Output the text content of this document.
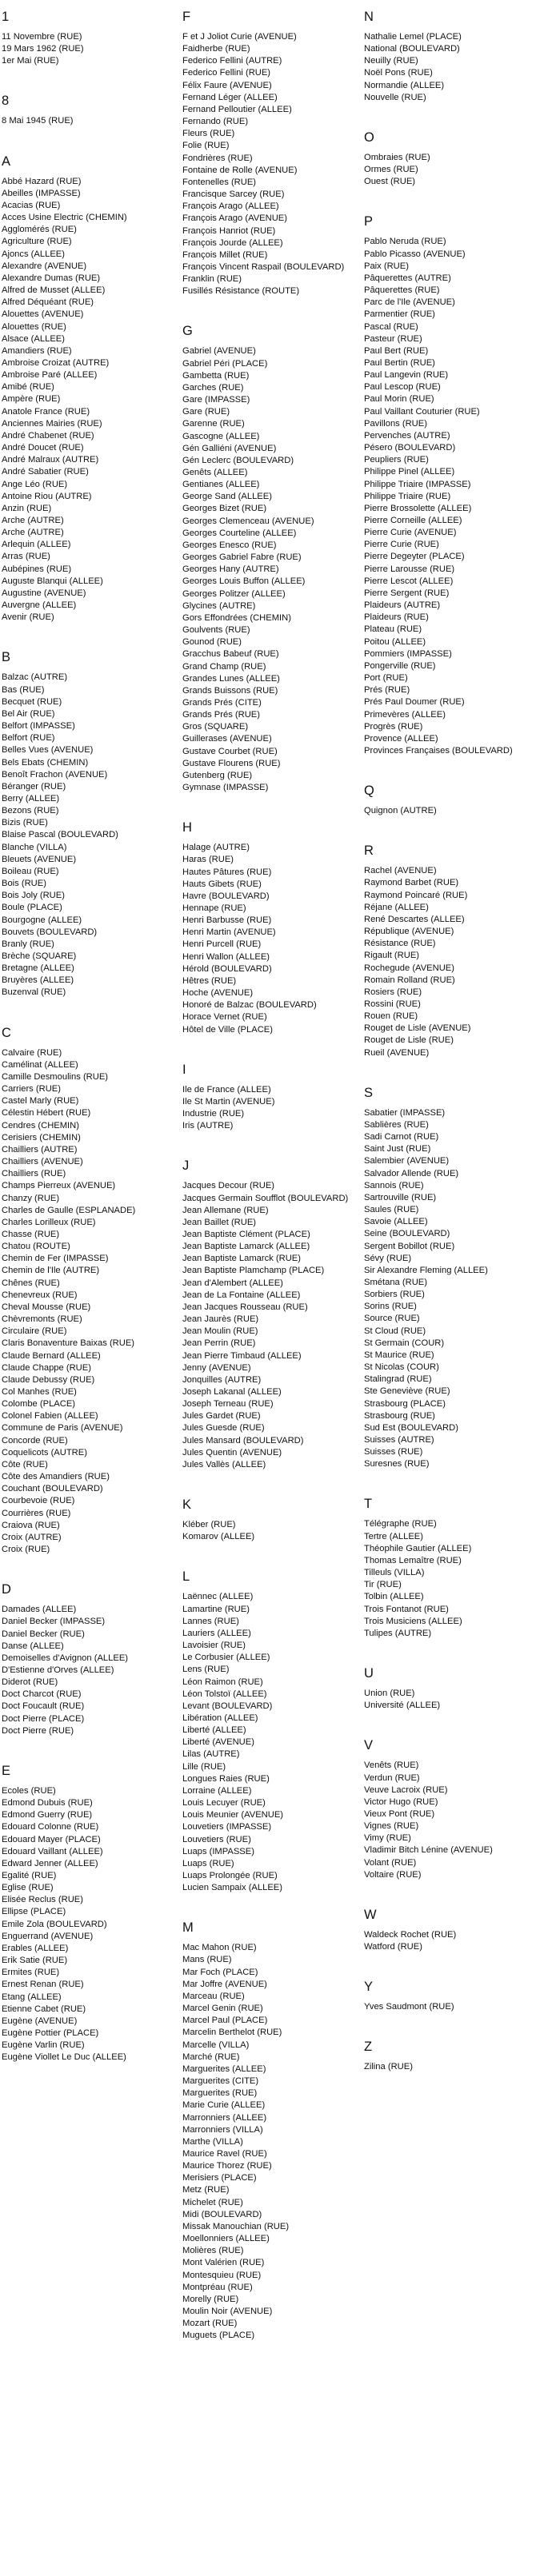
1
11 Novembre (RUE)
19 Mars 1962 (RUE)
1er Mai (RUE)
8
8 Mai 1945 (RUE)
A
Abbé Hazard (RUE)
Abeilles (IMPASSE)
Acacias (RUE)
Acces Usine Electric (CHEMIN)
Agglomérés (RUE)
Agriculture (RUE)
Ajoncs (ALLEE)
Alexandre (AVENUE)
Alexandre Dumas (RUE)
Alfred de Musset (ALLEE)
Alfred Déquéant (RUE)
Alouettes (AVENUE)
Alouettes (RUE)
Alsace (ALLEE)
Amandiers (RUE)
Ambroise Croizat (AUTRE)
Ambroise Paré (ALLEE)
Amibé (RUE)
Ampère (RUE)
Anatole France (RUE)
Anciennes Mairies (RUE)
André Chabenet (RUE)
André Doucet (RUE)
André Malraux (AUTRE)
André Sabatier (RUE)
Ange Léo (RUE)
Antoine Riou (AUTRE)
Anzin (RUE)
Arche (AUTRE)
Arche (AUTRE)
Arlequin (ALLEE)
Arras (RUE)
Aubépines (RUE)
Auguste Blanqui (ALLEE)
Augustine (AVENUE)
Auvergne (ALLEE)
Avenir (RUE)
B
Balzac (AUTRE)
Bas (RUE)
Becquet (RUE)
Bel Air (RUE)
Belfort (IMPASSE)
Belfort (RUE)
Belles Vues (AVENUE)
Bels Ebats (CHEMIN)
Benoît Frachon (AVENUE)
Béranger (RUE)
Berry (ALLEE)
Bezons (RUE)
Bizis (RUE)
Blaise Pascal (BOULEVARD)
Blanche (VILLA)
Bleuets (AVENUE)
Boileau (RUE)
Bois (RUE)
Bois Joly (RUE)
Boule (PLACE)
Bourgogne (ALLEE)
Bouvets (BOULEVARD)
Branly (RUE)
Brèche (SQUARE)
Bretagne (ALLEE)
Bruyères (ALLEE)
Buzenval (RUE)
C
Calvaire (RUE)
Camélinat (ALLEE)
Camille Desmoulins (RUE)
Carriers (RUE)
Castel Marly (RUE)
Célestin Hébert (RUE)
Cendres (CHEMIN)
Cerisiers (CHEMIN)
Chailliers (AUTRE)
Chailliers (AVENUE)
Chailliers (RUE)
Champs Pierreux (AVENUE)
Chanzy (RUE)
Charles de Gaulle (ESPLANADE)
Charles Lorilleux (RUE)
Chasse (RUE)
Chatou (ROUTE)
Chemin de Fer (IMPASSE)
Chemin de l'Ile (AUTRE)
Chênes (RUE)
Chenevreux (RUE)
Cheval Mousse (RUE)
Chèvremonts (RUE)
Circulaire (RUE)
Claris Bonaventure Baixas (RUE)
Claude Bernard (ALLEE)
Claude Chappe (RUE)
Claude Debussy (RUE)
Col Manhes (RUE)
Colombe (PLACE)
Colonel Fabien (ALLEE)
Commune de Paris (AVENUE)
Concorde (RUE)
Coquelicots (AUTRE)
Côte (RUE)
Côte des Amandiers (RUE)
Couchant (BOULEVARD)
Courbevoie (RUE)
Courrières (RUE)
Craiova (RUE)
Croix (AUTRE)
Croix (RUE)
D
Damades (ALLEE)
Daniel Becker (IMPASSE)
Daniel Becker (RUE)
Danse (ALLEE)
Demoiselles d'Avignon (ALLEE)
D'Estienne d'Orves (ALLEE)
Diderot (RUE)
Doct Charcot (RUE)
Doct Foucault (RUE)
Doct Pierre (PLACE)
Doct Pierre (RUE)
E
Ecoles (RUE)
Edmond Dubuis (RUE)
Edmond Guerry (RUE)
Edouard Colonne (RUE)
Edouard Mayer (PLACE)
Edouard Vaillant (ALLEE)
Edward Jenner (ALLEE)
Egalité (RUE)
Eglise (RUE)
Elisée Reclus (RUE)
Ellipse (PLACE)
Emile Zola (BOULEVARD)
Enguerrand (AVENUE)
Erables (ALLEE)
Erik Satie (RUE)
Ermites (RUE)
Ernest Renan (RUE)
Etang (ALLEE)
Etienne Cabet (RUE)
Eugène (AVENUE)
Eugène Pottier (PLACE)
Eugène Varlin (RUE)
Eugène Viollet Le Duc (ALLEE)
F
F et J Joliot Curie (AVENUE)
Faidherbe (RUE)
Federico Fellini (AUTRE)
Federico Fellini (RUE)
Félix Faure (AVENUE)
Fernand Léger (ALLEE)
Fernand Pelloutier (ALLEE)
Fernando (RUE)
Fleurs (RUE)
Folie (RUE)
Fondrières (RUE)
Fontaine de Rolle (AVENUE)
Fontenelles (RUE)
Francisque Sarcey (RUE)
François Arago (ALLEE)
François Arago (AVENUE)
François Hanriot (RUE)
François Jourde (ALLEE)
François Millet (RUE)
François Vincent Raspail (BOULEVARD)
Franklin (RUE)
Fusillés Résistance (ROUTE)
G
Gabriel (AVENUE)
Gabriel Péri (PLACE)
Gambetta (RUE)
Garches (RUE)
Gare (IMPASSE)
Gare (RUE)
Garenne (RUE)
Gascogne (ALLEE)
Gén Galliéni (AVENUE)
Gén Leclerc (BOULEVARD)
Genêts (ALLEE)
Gentianes (ALLEE)
George Sand (ALLEE)
Georges Bizet (RUE)
Georges Clemenceau (AVENUE)
Georges Courteline (ALLEE)
Georges Enesco (RUE)
Georges Gabriel Fabre (RUE)
Georges Hany (AUTRE)
Georges Louis Buffon (ALLEE)
Georges Politzer (ALLEE)
Glycines (AUTRE)
Gors Effondrées (CHEMIN)
Goulvents (RUE)
Gounod (RUE)
Gracchus Babeuf (RUE)
Grand Champ (RUE)
Grandes Lunes (ALLEE)
Grands Buissons (RUE)
Grands Prés (CITE)
Grands Prés (RUE)
Gros (SQUARE)
Guillerases (AVENUE)
Gustave Courbet (RUE)
Gustave Flourens (RUE)
Gutenberg (RUE)
Gymnase (IMPASSE)
H
Halage (AUTRE)
Haras (RUE)
Hautes Pâtures (RUE)
Hauts Gibets (RUE)
Havre (BOULEVARD)
Hennape (RUE)
Henri Barbusse (RUE)
Henri Martin (AVENUE)
Henri Purcell (RUE)
Henri Wallon (ALLEE)
Hérold (BOULEVARD)
Hêtres (RUE)
Hoche (AVENUE)
Honoré de Balzac (BOULEVARD)
Horace Vernet (RUE)
Hôtel de Ville (PLACE)
I
Ile de France (ALLEE)
Ile St Martin (AVENUE)
Industrie (RUE)
Iris (AUTRE)
J
Jacques Decour (RUE)
Jacques Germain Soufflot (BOULEVARD)
Jean Allemane (RUE)
Jean Baillet (RUE)
Jean Baptiste Clément (PLACE)
Jean Baptiste Lamarck (ALLEE)
Jean Baptiste Lamarck (RUE)
Jean Baptiste Plamchamp (PLACE)
Jean d'Alembert (ALLEE)
Jean de La Fontaine (ALLEE)
Jean Jacques Rousseau (RUE)
Jean Jaurès (RUE)
Jean Moulin (RUE)
Jean Perrin (RUE)
Jean Pierre Timbaud (ALLEE)
Jenny (AVENUE)
Jonquilles (AUTRE)
Joseph Lakanal (ALLEE)
Joseph Terneau (RUE)
Jules Gardet (RUE)
Jules Guesde (RUE)
Jules Mansard (BOULEVARD)
Jules Quentin (AVENUE)
Jules Vallès (ALLEE)
K
Kléber (RUE)
Komarov (ALLEE)
L
Laënnec (ALLEE)
Lamartine (RUE)
Lannes (RUE)
Lauriers (ALLEE)
Lavoisier (RUE)
Le Corbusier (ALLEE)
Lens (RUE)
Léon Raimon (RUE)
Léon Tolstoï (ALLEE)
Levant (BOULEVARD)
Libération (ALLEE)
Liberté (ALLEE)
Liberté (AVENUE)
Lilas (AUTRE)
Lille (RUE)
Longues Raies (RUE)
Lorraine (ALLEE)
Louis Lecuyer (RUE)
Louis Meunier (AVENUE)
Louvetiers (IMPASSE)
Louvetiers (RUE)
Luaps (IMPASSE)
Luaps (RUE)
Luaps Prolongée (RUE)
Lucien Sampaix (ALLEE)
M
Mac Mahon (RUE)
Mans (RUE)
Mar Foch (PLACE)
Mar Joffre (AVENUE)
Marceau (RUE)
Marcel Genin (RUE)
Marcel Paul (PLACE)
Marcelin Berthelot (RUE)
Marcelle (VILLA)
Marché (RUE)
Marguerites (ALLEE)
Marguerites (CITE)
Marguerites (RUE)
Marie Curie (ALLEE)
Marronniers (ALLEE)
Marronniers (VILLA)
Marthe (VILLA)
Maurice Ravel (RUE)
Maurice Thorez (RUE)
Merisiers (PLACE)
Metz (RUE)
Michelet (RUE)
Midi (BOULEVARD)
Missak Manouchian (RUE)
Moellonniers (ALLEE)
Molières (RUE)
Mont Valérien (RUE)
Montesquieu (RUE)
Montpréau (RUE)
Morelly (RUE)
Moulin Noir (AVENUE)
Mozart (RUE)
Muguets (PLACE)
N
Nathalie Lemel (PLACE)
National (BOULEVARD)
Neuilly (RUE)
Noël Pons (RUE)
Normandie (ALLEE)
Nouvelle (RUE)
O
Ombraies (RUE)
Ormes (RUE)
Ouest (RUE)
P
Pablo Neruda (RUE)
Pablo Picasso (AVENUE)
Paix (RUE)
Pâquerettes (AUTRE)
Pâquerettes (RUE)
Parc de l'Ile (AVENUE)
Parmentier (RUE)
Pascal (RUE)
Pasteur (RUE)
Paul Bert (RUE)
Paul Bertin (RUE)
Paul Langevin (RUE)
Paul Lescop (RUE)
Paul Morin (RUE)
Paul Vaillant Couturier (RUE)
Pavillons (RUE)
Pervenches (AUTRE)
Pésero (BOULEVARD)
Peupliers (RUE)
Philippe Pinel (ALLEE)
Philippe Triaire (IMPASSE)
Philippe Triaire (RUE)
Pierre Brossolette (ALLEE)
Pierre Corneille (ALLEE)
Pierre Curie (AVENUE)
Pierre Curie (RUE)
Pierre Degeyter (PLACE)
Pierre Larousse (RUE)
Pierre Lescot (ALLEE)
Pierre Sergent (RUE)
Plaideurs (AUTRE)
Plaideurs (RUE)
Plateau (RUE)
Poitou (ALLEE)
Pommiers (IMPASSE)
Pongerville (RUE)
Port (RUE)
Prés (RUE)
Prés Paul Doumer (RUE)
Primevères (ALLEE)
Progrès (RUE)
Provence (ALLEE)
Provinces Françaises (BOULEVARD)
Q
Quignon (AUTRE)
R
Rachel (AVENUE)
Raymond Barbet (RUE)
Raymond Poincaré (RUE)
Réjane (ALLEE)
René Descartes (ALLEE)
République (AVENUE)
Résistance (RUE)
Rigault (RUE)
Rochegude (AVENUE)
Romain Rolland (RUE)
Rosiers (RUE)
Rossini (RUE)
Rouen (RUE)
Rouget de Lisle (AVENUE)
Rouget de Lisle (RUE)
Rueil (AVENUE)
S
Sabatier (IMPASSE)
Sablières (RUE)
Sadi Carnot (RUE)
Saint Just (RUE)
Salembier (AVENUE)
Salvador Allende (RUE)
Sannois (RUE)
Sartrouville (RUE)
Saules (RUE)
Savoie (ALLEE)
Seine (BOULEVARD)
Sergent Bobillot (RUE)
Sévy (RUE)
Sir Alexandre Fleming (ALLEE)
Smétana (RUE)
Sorbiers (RUE)
Sorins (RUE)
Source (RUE)
St Cloud (RUE)
St Germain (COUR)
St Maurice (RUE)
St Nicolas (COUR)
Stalingrad (RUE)
Ste Geneviève (RUE)
Strasbourg (PLACE)
Strasbourg (RUE)
Sud Est (BOULEVARD)
Suisses (AUTRE)
Suisses (RUE)
Suresnes (RUE)
T
Télégraphe (RUE)
Tertre (ALLEE)
Théophile Gautier (ALLEE)
Thomas Lemaître (RUE)
Tilleuls (VILLA)
Tir (RUE)
Tolbin (ALLEE)
Trois Fontanot (RUE)
Trois Musiciens (ALLEE)
Tulipes (AUTRE)
U
Union (RUE)
Université (ALLEE)
V
Venêts (RUE)
Verdun (RUE)
Veuve Lacroix (RUE)
Victor Hugo (RUE)
Vieux Pont (RUE)
Vignes (RUE)
Vimy (RUE)
Vladimir Bitch Lénine (AVENUE)
Volant (RUE)
Voltaire (RUE)
W
Waldeck Rochet (RUE)
Watford (RUE)
Y
Yves Saudmont (RUE)
Z
Zilina (RUE)
